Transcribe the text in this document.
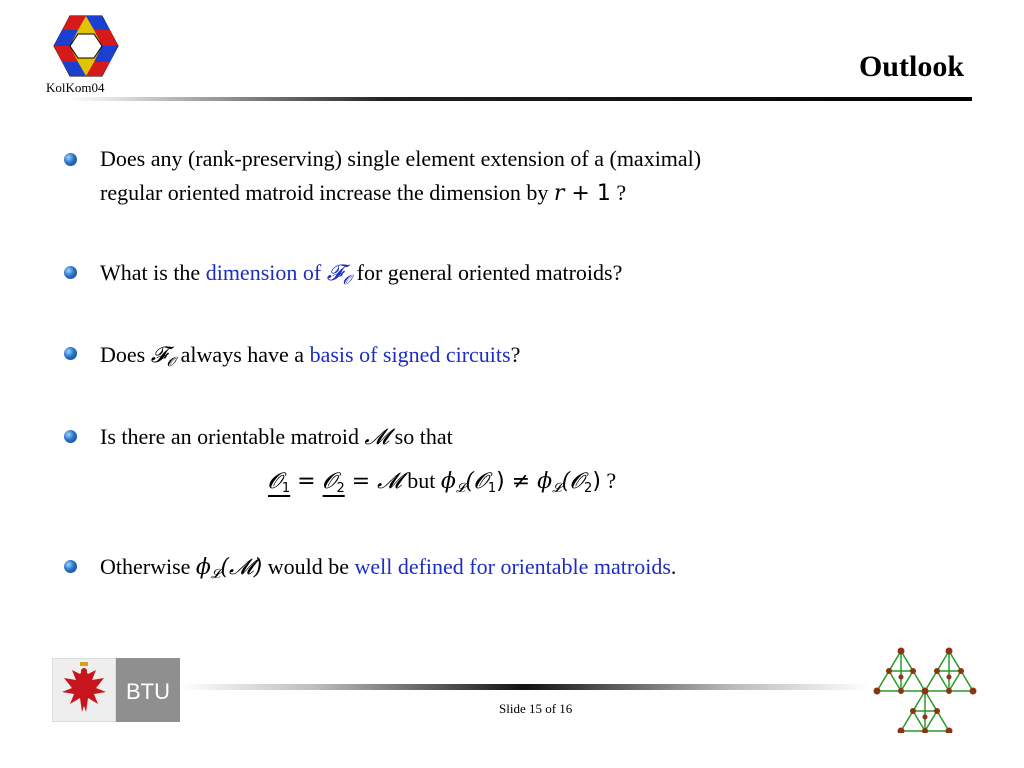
KolKom04
Outlook
Does any (rank-preserving) single element extension of a (maximal)
regular oriented matroid increase the dimension by r + 1 ?
What is the dimension of 𝓕$_𝓞$ for general oriented matroids?
Does 𝓕$_𝓞$ always have a basis of signed circuits?
Is there an orientable matroid 𝓜 so that
𝓞$_1$ = 𝓞$_2$ = 𝓜 but $\phi_𝓛(𝓞_1)$ ≠ $\phi_𝓛(𝓞_2)$ ?
Otherwise $\phi_𝓛(𝓜)$ would be well defined for orientable matroids.
BTU
Slide 15 of 16
